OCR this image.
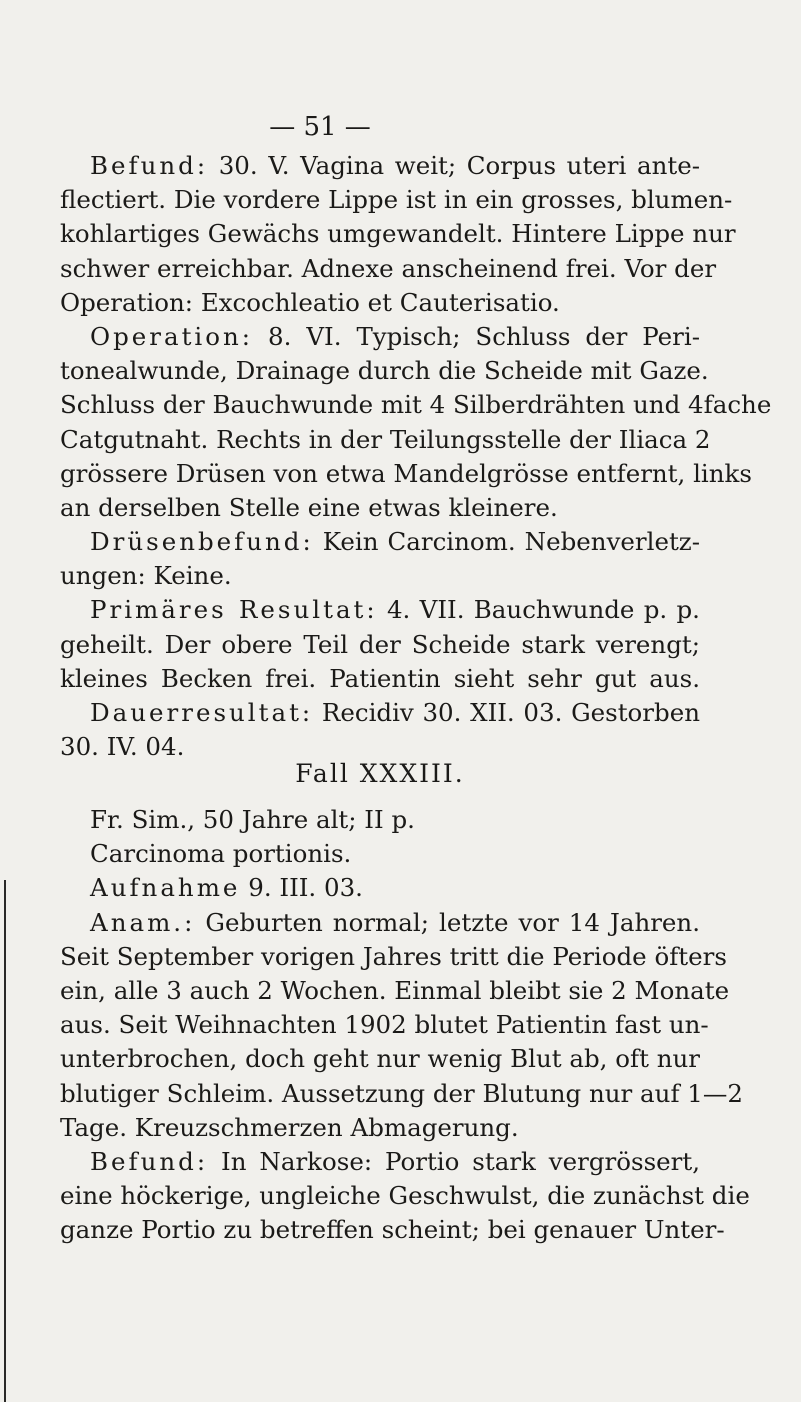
— 51 —
Befund: 30. V. Vagina weit; Corpus uteri ante-
flectiert. Die vordere Lippe ist in ein grosses, blumen-
kohlartiges Gewächs umgewandelt. Hintere Lippe nur
schwer erreichbar. Adnexe anscheinend frei. Vor der
Operation: Excochleatio et Cauterisatio.
Operation: 8. VI. Typisch; Schluss der Peri-
tonealwunde, Drainage durch die Scheide mit Gaze.
Schluss der Bauchwunde mit 4 Silberdrähten und 4fache
Catgutnaht. Rechts in der Teilungsstelle der Iliaca 2
grössere Drüsen von etwa Mandelgrösse entfernt, links
an derselben Stelle eine etwas kleinere.
Drüsenbefund: Kein Carcinom. Nebenverletz-
ungen: Keine.
Primäres Resultat: 4. VII. Bauchwunde p. p.
geheilt. Der obere Teil der Scheide stark verengt;
kleines Becken frei. Patientin sieht sehr gut aus.
Dauerresultat: Recidiv 30. XII. 03. Gestorben
30. IV. 04.
Fall XXXIII.
Fr. Sim., 50 Jahre alt; II p.
Carcinoma portionis.
Aufnahme 9. III. 03.
Anam.: Geburten normal; letzte vor 14 Jahren.
Seit September vorigen Jahres tritt die Periode öfters
ein, alle 3 auch 2 Wochen. Einmal bleibt sie 2 Monate
aus. Seit Weihnachten 1902 blutet Patientin fast un-
unterbrochen, doch geht nur wenig Blut ab, oft nur
blutiger Schleim. Aussetzung der Blutung nur auf 1—2
Tage. Kreuzschmerzen Abmagerung.
Befund: In Narkose: Portio stark vergrössert,
eine höckerige, ungleiche Geschwulst, die zunächst die
ganze Portio zu betreffen scheint; bei genauer Unter-
